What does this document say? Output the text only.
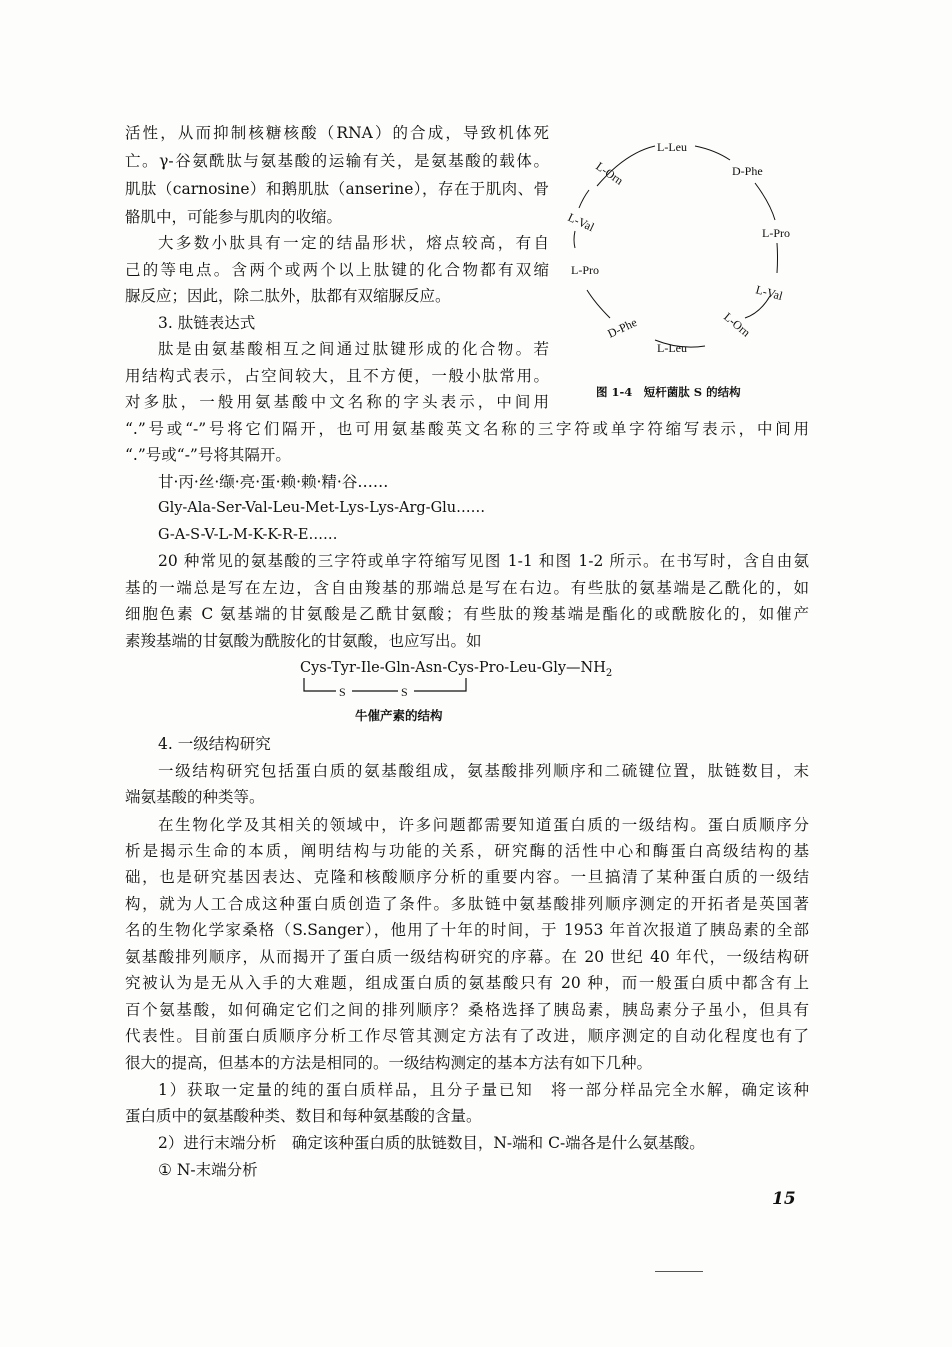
活性，从而抑制核糖核酸（RNA）的合成，导致机体死
亡。γ-谷氨酰肽与氨基酸的运输有关，是氨基酸的载体。
肌肽（carnosine）和鹅肌肽（anserine），存在于肌肉、骨
骼肌中，可能参与肌肉的收缩。
大多数小肽具有一定的结晶形状，熔点较高，有自
己的等电点。含两个或两个以上肽键的化合物都有双缩
脲反应；因此，除二肽外，肽都有双缩脲反应。
3. 肽链表达式
肽是由氨基酸相互之间通过肽键形成的化合物。若
用结构式表示，占空间较大，且不方便，一般小肽常用。
对多肽，一般用氨基酸中文名称的字头表示，中间用
L-Leu
D-Phe
L-Pro
L-Val
L-Orn
L-Leu
D-Phe
L-Pro
L-Val
L-Orn
图 1-4　短杆菌肽 S 的结构
“.”号或“-”号将它们隔开，也可用氨基酸英文名称的三字符或单字符缩写表示，中间用
“.”号或“-”号将其隔开。
甘·丙·丝·缬·亮·蛋·赖·赖·精·谷……
Gly-Ala-Ser-Val-Leu-Met-Lys-Lys-Arg-Glu……
G-A-S-V-L-M-K-K-R-E……
20 种常见的氨基酸的三字符或单字符缩写见图 1-1 和图 1-2 所示。在书写时，含自由氨
基的一端总是写在左边，含自由羧基的那端总是写在右边。有些肽的氨基端是乙酰化的，如
细胞色素 C 氨基端的甘氨酸是乙酰甘氨酸；有些肽的羧基端是酯化的或酰胺化的，如催产
素羧基端的甘氨酸为酰胺化的甘氨酸，也应写出。如
Cys-$Tyr-Ile-Gln-Asn-Cys-Pro-Leu-Gly—NH_2$
S	S
牛催产素的结构
4. 一级结构研究
一级结构研究包括蛋白质的氨基酸组成，氨基酸排列顺序和二硫键位置，肽链数目，末
端氨基酸的种类等。
在生物化学及其相关的领域中，许多问题都需要知道蛋白质的一级结构。蛋白质顺序分
析是揭示生命的本质，阐明结构与功能的关系，研究酶的活性中心和酶蛋白高级结构的基
础，也是研究基因表达、克隆和核酸顺序分析的重要内容。一旦搞清了某种蛋白质的一级结
构，就为人工合成这种蛋白质创造了条件。多肽链中氨基酸排列顺序测定的开拓者是英国著
名的生物化学家桑格（S.Sanger），他用了十年的时间，于 1953 年首次报道了胰岛素的全部
氨基酸排列顺序，从而揭开了蛋白质一级结构研究的序幕。在 20 世纪 40 年代，一级结构研
究被认为是无从入手的大难题，组成蛋白质的氨基酸只有 20 种，而一般蛋白质中都含有上
百个氨基酸，如何确定它们之间的排列顺序？桑格选择了胰岛素，胰岛素分子虽小，但具有
代表性。目前蛋白质顺序分析工作尽管其测定方法有了改进，顺序测定的自动化程度也有了
很大的提高，但基本的方法是相同的。一级结构测定的基本方法有如下几种。
1）获取一定量的纯的蛋白质样品，且分子量已知　将一部分样品完全水解，确定该种
蛋白质中的氨基酸种类、数目和每种氨基酸的含量。
2）进行末端分析　确定该种蛋白质的肽链数目，N-端和 C-端各是什么氨基酸。
① N-末端分析
15
